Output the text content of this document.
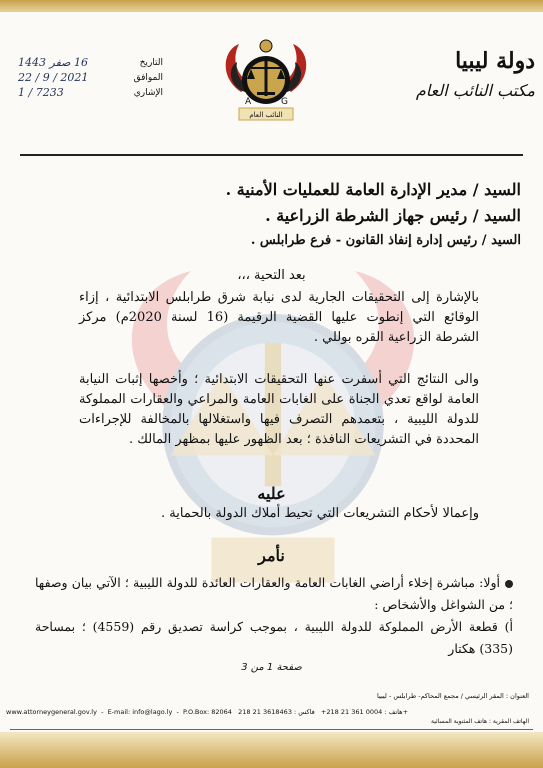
دولة ليبيا
مكتب النائب العام
التاريخ
16 صفر 1443
الموافق
2021 / 9 / 22
الإشاري
7233 / 1
النائب العام
A	G
السيد / مدير الإدارة العامة للعمليات الأمنية .
السيد / رئيس جهاز الشرطة الزراعية .
السيد / رئيس إدارة إنفاذ القانون - فرع طرابلس .
بعد التحية ،،،
بالإشارة إلى التحقيقات الجارية لدى نيابة شرق طرابلس الابتدائية ، إزاء الوقائع التي إنطوت عليها القضية الرقيمة (16 لسنة 2020م) مركز الشرطة الزراعية القره بوللي .
والى النتائج التي أسفرت عنها التحقيقات الابتدائية ؛ وأخصها إثبات النيابة العامة لواقع تعدي الجناة على الغابات العامة والمراعي والعقارات المملوكة للدولة الليبية ، بتعمدهم التصرف فيها واستغلالها بالمخالفة للإجراءات المحددة في التشريعات النافذة ؛ بعد الظهور عليها بمظهر المالك .
عليه
وإعمالا لأحكام التشريعات التي تحيط أملاك الدولة بالحماية .
نأمر
أولا: مباشرة إخلاء أراضي الغابات العامة والعقارات العائدة للدولة الليبية ؛ الآتي بيان وصفها ؛ من الشواغل والأشخاص :
أ) قطعة الأرض المملوكة للدولة الليبية ، بموجب كراسة تصديق رقم (4559) ؛ بمساحة (335) هكتار
صفحة 1 من 3
العنوان : المقر الرئيسي / مجمع المحاكم- طرابلس - ليبيا
www.attorneygeneral.gov.ly  -  E-mail: info@lago.ly  -  P.O.Box: 82064	هاتف : 0004 361 21 218+   فاكس : 3618463 21 218+
الهاتف المقرية : هاتف المثنوية المسائية
